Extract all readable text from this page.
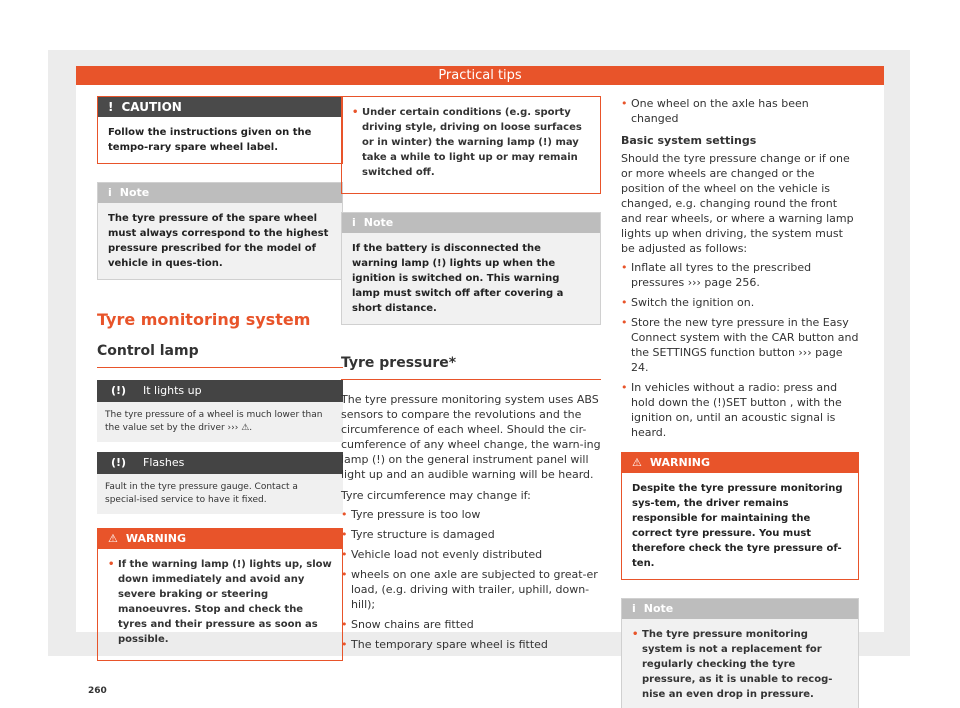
Practical tips
! CAUTION
Follow the instructions given on the tempo-rary spare wheel label.
i Note
The tyre pressure of the spare wheel must always correspond to the highest pressure prescribed for the model of vehicle in ques-tion.
Tyre monitoring system
Control lamp
(!) It lights up
The tyre pressure of a wheel is much lower than the value set by the driver ››› ⚠.
(!) Flashes
Fault in the tyre pressure gauge. Contact a special-ised service to have it fixed.
⚠ WARNING
• If the warning lamp (!) lights up, slow down immediately and avoid any severe braking or steering manoeuvres. Stop and check the tyres and their pressure as soon as possible.
• Under certain conditions (e.g. sporty driving style, driving on loose surfaces or in winter) the warning lamp (!) may take a while to light up or may remain switched off.
i Note
If the battery is disconnected the warning lamp (!) lights up when the ignition is switched on. This warning lamp must switch off after covering a short distance.
Tyre pressure*

The tyre pressure monitoring system uses ABS sensors to compare the revolutions and the circumference of each wheel. Should the cir-cumference of any wheel change, the warn-ing lamp (!) on the general instrument panel will light up and an audible warning will be heard.

Tyre circumference may change if:

• Tyre pressure is too low
• Tyre structure is damaged
• Vehicle load not evenly distributed
• wheels on one axle are subjected to great-er load, (e.g. driving with trailer, uphill, down-hill);
• Snow chains are fitted
• The temporary spare wheel is fitted
• One wheel on the axle has been changed
Basic system settings

Should the tyre pressure change or if one or more wheels are changed or the position of the wheel on the vehicle is changed, e.g. changing round the front and rear wheels, or where a warning lamp lights up when driving, the system must be adjusted as follows:

• Inflate all tyres to the prescribed pressures ››› page 256.
• Switch the ignition on.
• Store the new tyre pressure in the Easy Connect system with the CAR button and the SETTINGS function button ››› page 24.
• In vehicles without a radio: press and hold down the (!)SET button , with the ignition on, until an acoustic signal is heard.
⚠ WARNING
Despite the tyre pressure monitoring sys-tem, the driver remains responsible for maintaining the correct tyre pressure. You must therefore check the tyre pressure of-ten.
i Note
• The tyre pressure monitoring system is not a replacement for regularly checking the tyre pressure, as it is unable to recog-nise an even drop in pressure.
260
